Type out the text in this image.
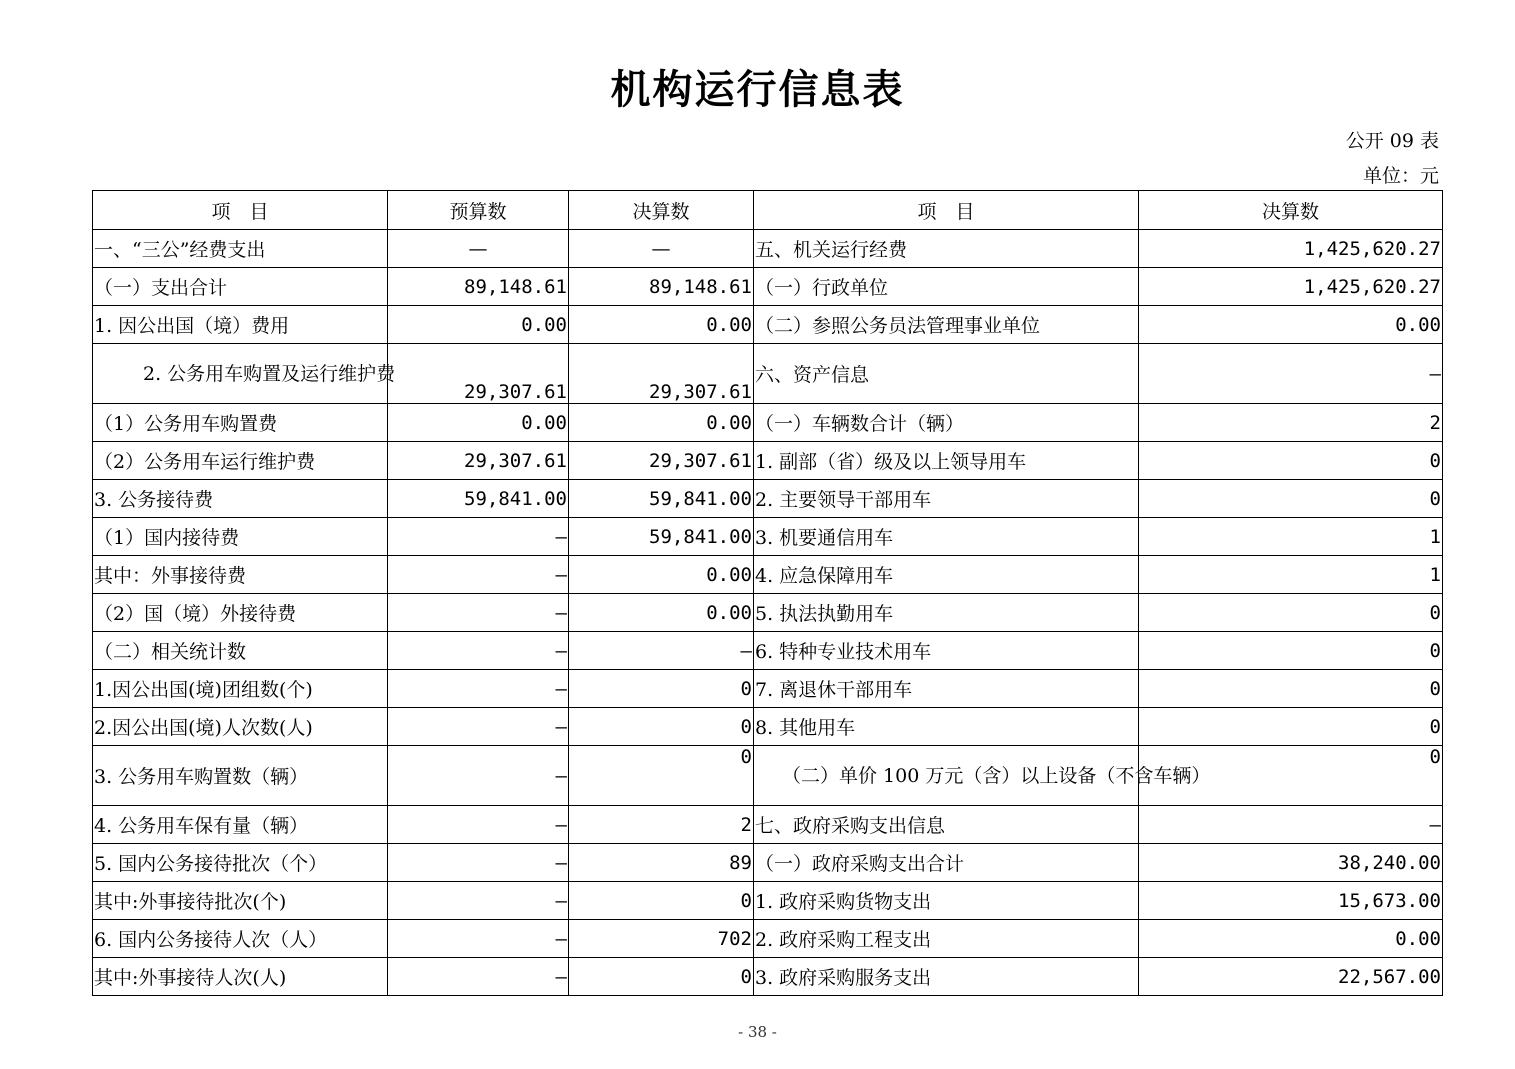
机构运行信息表
公开 09 表
单位：元
项　目	预算数	决算数	项　目	决算数
一、“三公”经费支出	—	—	五、机关运行经费	1,425,620.27
（一）支出合计	89,148.61	89,148.61	（一）行政单位	1,425,620.27
1. 因公出国（境）费用	0.00	0.00	（二）参照公务员法管理事业单位	0.00
2. 公务用车购置及运行维护费	29,307.61	29,307.61	六、资产信息	—
（1）公务用车购置费	0.00	0.00	（一）车辆数合计（辆）	2
（2）公务用车运行维护费	29,307.61	29,307.61	1. 副部（省）级及以上领导用车	0
3. 公务接待费	59,841.00	59,841.00	2. 主要领导干部用车	0
（1）国内接待费	—	59,841.00	3. 机要通信用车	1
其中：外事接待费	—	0.00	4. 应急保障用车	1
（2）国（境）外接待费	—	0.00	5. 执法执勤用车	0
（二）相关统计数	—	—	6. 特种专业技术用车	0
1.因公出国(境)团组数(个)	—	0	7. 离退休干部用车	0
2.因公出国(境)人次数(人)	—	0	8. 其他用车	0
3. 公务用车购置数（辆）	—	0	（二）单价 100 万元（含）以上设备（不含车辆）	0
4. 公务用车保有量（辆）	—	2	七、政府采购支出信息	—
5. 国内公务接待批次（个）	—	89	（一）政府采购支出合计	38,240.00
其中:外事接待批次(个)	—	0	1. 政府采购货物支出	15,673.00
6. 国内公务接待人次（人）	—	702	2. 政府采购工程支出	0.00
其中:外事接待人次(人)	—	0	3. 政府采购服务支出	22,567.00
- 38 -
